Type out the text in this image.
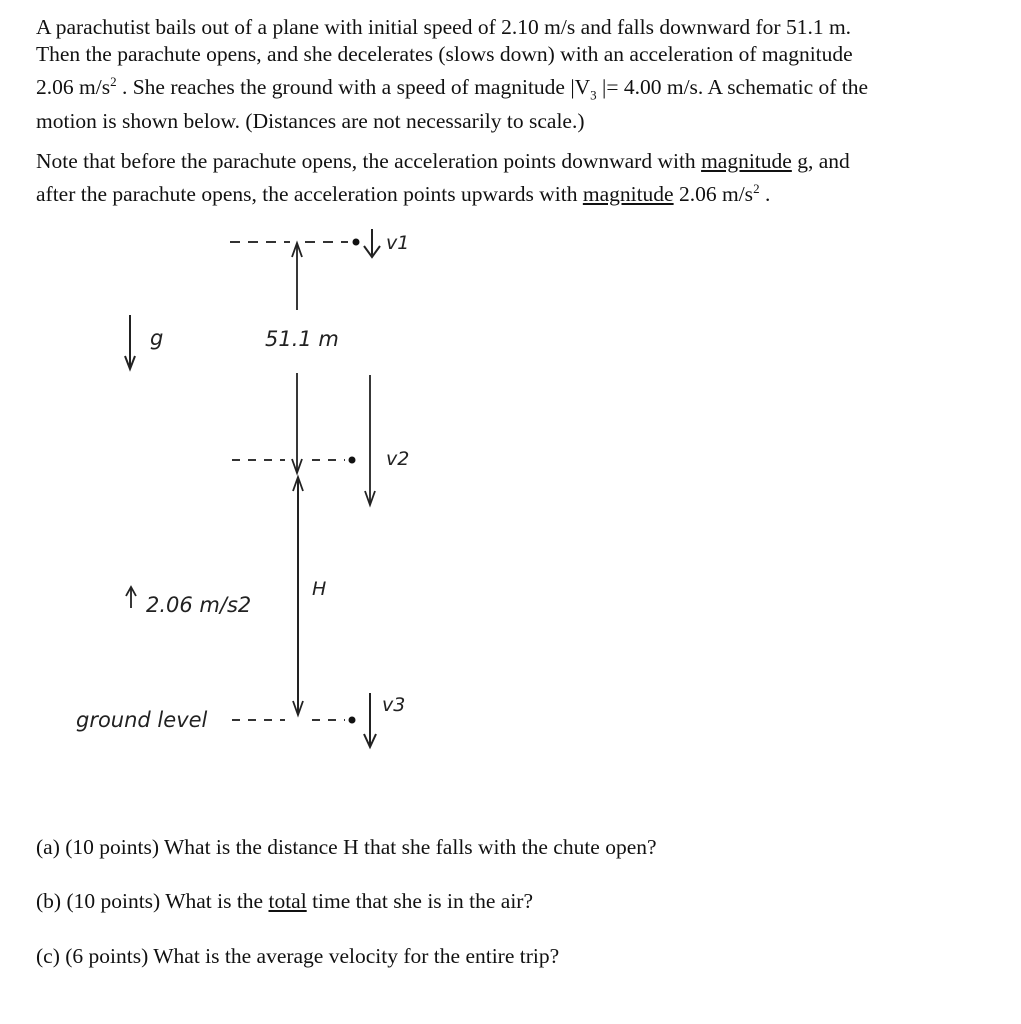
A parachutist bails out of a plane with initial speed of 2.10 m/s and falls downward for 51.1 m.
Then the parachute opens, and she decelerates (slows down) with an acceleration of magnitude
2.06 $m/s^2$ . She reaches the ground with a speed of magnitude $|V_3$ |= 4.00 m/s. A schematic of the
motion is shown below. (Distances are not necessarily to scale.)
Note that before the parachute opens, the acceleration points downward with magnitude g, and
after the parachute opens, the acceleration points upwards with magnitude 2.06 $m/s^2$ .
v1
51.1 m
g
v2
H
2.06 m/s2
ground level
v3
(a) (10 points) What is the distance H that she falls with the chute open?
(b) (10 points) What is the total time that she is in the air?
(c) (6 points) What is the average velocity for the entire trip?
